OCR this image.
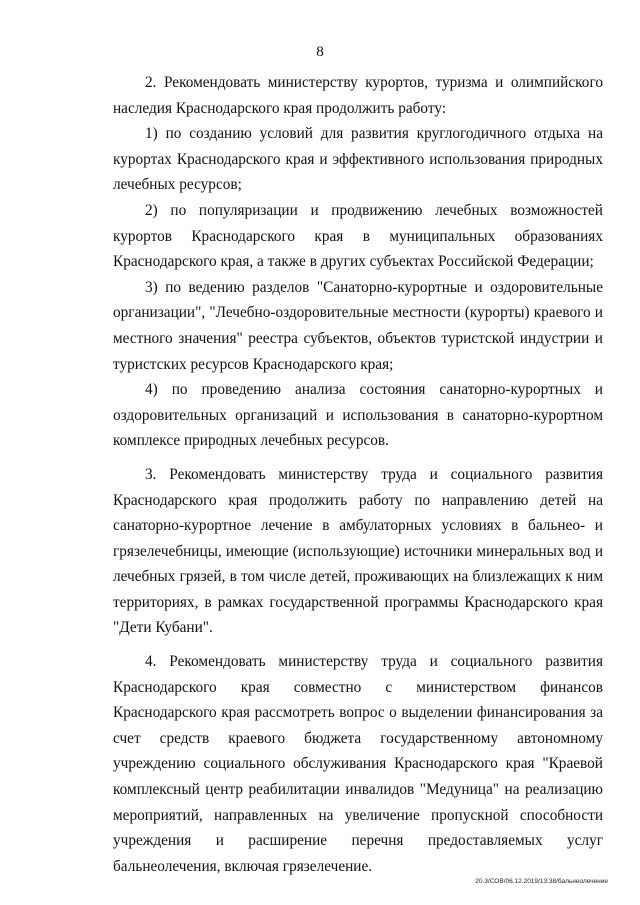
8

2. Рекомендовать министерству курортов, туризма и олимпийского наследия Краснодарского края продолжить работу:

1) по созданию условий для развития круглогодичного отдыха на курортах Краснодарского края и эффективного использования природных лечебных ресурсов;

2) по популяризации и продвижению лечебных возможностей курортов Краснодарского края в муниципальных образованиях Краснодарского края, а также в других субъектах Российской Федерации;

3) по ведению разделов "Санаторно-курортные и оздоровительные организации", "Лечебно-оздоровительные местности (курорты) краевого и местного значения" реестра субъектов, объектов туристской индустрии и туристских ресурсов Краснодарского края;

4) по проведению анализа состояния санаторно-курортных и оздоровительных организаций и использования в санаторно-курортном комплексе природных лечебных ресурсов.

3. Рекомендовать министерству труда и социального развития Краснодарского края продолжить работу по направлению детей на санаторно-курортное лечение в амбулаторных условиях в бальнео- и грязелечебницы, имеющие (использующие) источники минеральных вод и лечебных грязей, в том числе детей, проживающих на близлежащих к ним территориях, в рамках государственной программы Краснодарского края "Дети Кубани".

4. Рекомендовать министерству труда и социального развития Краснодарского края совместно с министерством финансов Краснодарского края рассмотреть вопрос о выделении финансирования за счет средств краевого бюджета государственному автономному учреждению социального обслуживания Краснодарского края "Краевой комплексный центр реабилитации инвалидов "Медуница" на реализацию мероприятий, направленных на увеличение пропускной способности учреждения и расширение перечня предоставляемых услуг бальнеолечения, включая грязелечение.

20.3/СОВ/06.12.2019/13:38/бальнеолечение
